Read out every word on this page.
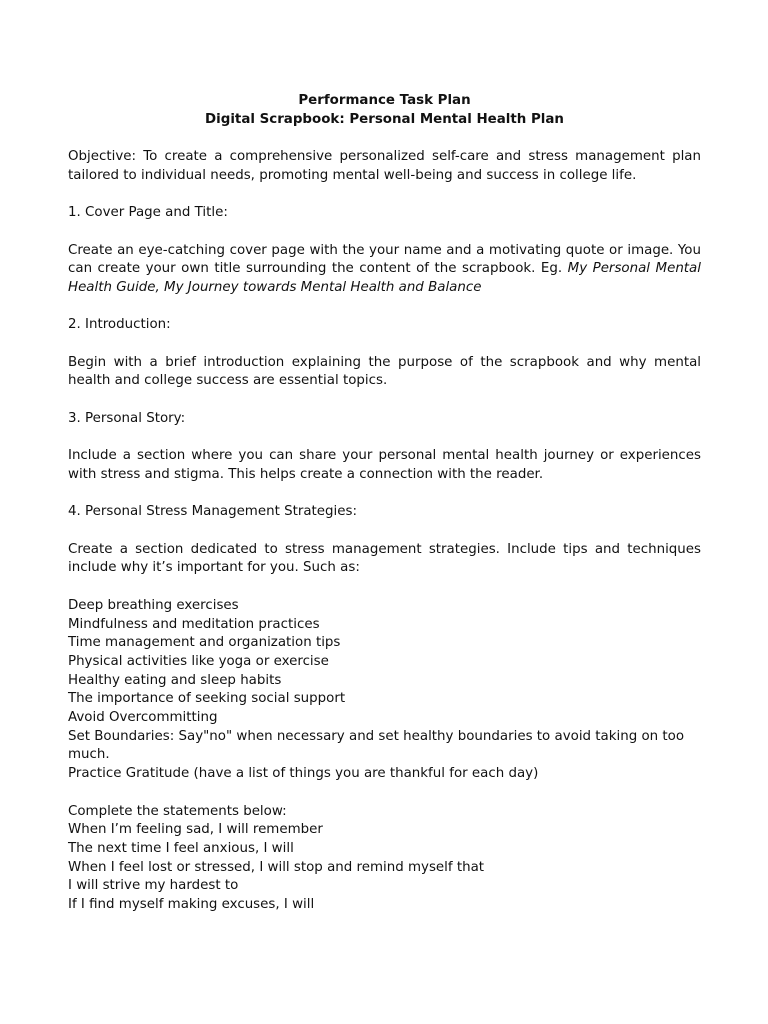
Performance Task Plan

Digital Scrapbook: Personal Mental Health Plan

Objective: To create a comprehensive personalized self-care and stress management plan tailored to individual needs, promoting mental well-being and success in college life.

1. Cover Page and Title:

Create an eye-catching cover page with the your name and a motivating quote or image. You can create your own title surrounding the content of the scrapbook. Eg. My Personal Mental Health Guide, My Journey towards Mental Health and Balance

2. Introduction:

Begin with a brief introduction explaining the purpose of the scrapbook and why mental health and college success are essential topics.

3. Personal Story:

Include a section where you can share your personal mental health journey or experiences with stress and stigma. This helps create a connection with the reader.

4. Personal Stress Management Strategies:

Create a section dedicated to stress management strategies. Include tips and techniques include why it’s important for you. Such as:

Deep breathing exercises

Mindfulness and meditation practices

Time management and organization tips

Physical activities like yoga or exercise

Healthy eating and sleep habits

The importance of seeking social support

Avoid Overcommitting

Set Boundaries: Say"no" when necessary and set healthy boundaries to avoid taking on too much.

Practice Gratitude (have a list of things you are thankful for each day)

Complete the statements below:

When I’m feeling sad, I will remember

The next time I feel anxious, I will

When I feel lost or stressed, I will stop and remind myself that

I will strive my hardest to

If I find myself making excuses, I will
